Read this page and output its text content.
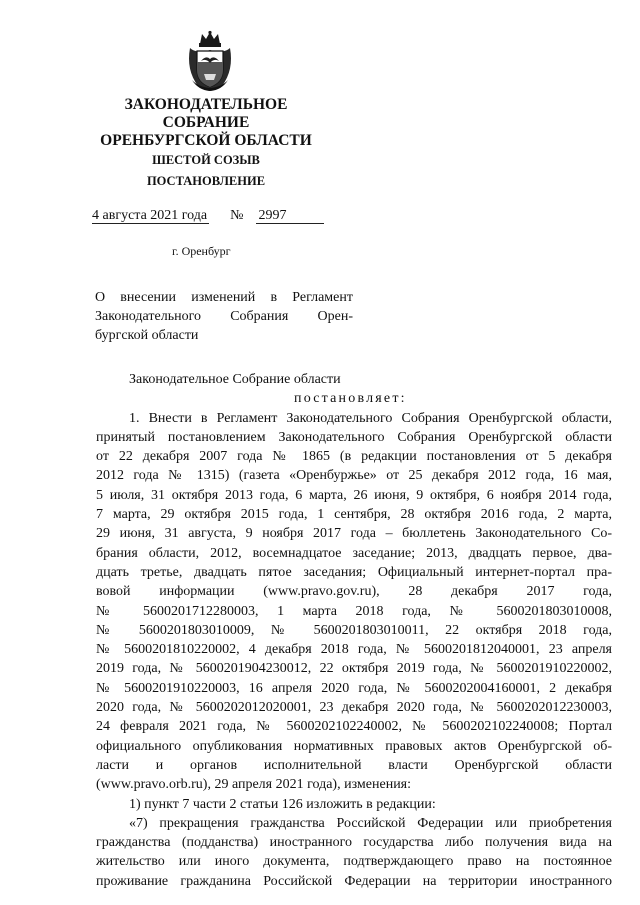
ЗАКОНОДАТЕЛЬНОЕ
СОБРАНИЕ
ОРЕНБУРГСКОЙ ОБЛАСТИ
ШЕСТОЙ СОЗЫВ
ПОСТАНОВЛЕНИЕ
4 августа 2021 года № 2997
г. Оренбург
О внесении изменений в Регламент
Законодательного Собрания Орен-
бургской области
Законодательное Собрание области
постановляет:
1. Внести в Регламент Законодательного Собрания Оренбургской области,
принятый постановлением Законодательного Собрания Оренбургской области
от 22 декабря 2007 года № 1865 (в редакции постановления от 5 декабря
2012 года № 1315) (газета «Оренбуржье» от 25 декабря 2012 года, 16 мая,
5 июля, 31 октября 2013 года, 6 марта, 26 июня, 9 октября, 6 ноября 2014 года,
7 марта, 29 октября 2015 года, 1 сентября, 28 октября 2016 года, 2 марта,
29 июня, 31 августа, 9 ноября 2017 года – бюллетень Законодательного Со-
брания области, 2012, восемнадцатое заседание; 2013, двадцать первое, два-
дцать третье, двадцать пятое заседания; Официальный интернет-портал пра-
вовой информации (www.pravo.gov.ru), 28 декабря 2017 года,
№ 5600201712280003, 1 марта 2018 года, № 5600201803010008,
№ 5600201803010009, № 5600201803010011, 22 октября 2018 года,
№ 5600201810220002, 4 декабря 2018 года, № 5600201812040001, 23 апреля
2019 года, № 5600201904230012, 22 октября 2019 года, № 5600201910220002,
№ 5600201910220003, 16 апреля 2020 года, № 5600202004160001, 2 декабря
2020 года, № 5600202012020001, 23 декабря 2020 года, № 5600202012230003,
24 февраля 2021 года, № 5600202102240002, № 5600202102240008; Портал
официального опубликования нормативных правовых актов Оренбургской об-
ласти и органов исполнительной власти Оренбургской области
(www.pravo.orb.ru), 29 апреля 2021 года), изменения:
1) пункт 7 части 2 статьи 126 изложить в редакции:
«7) прекращения гражданства Российской Федерации или приобретения
гражданства (подданства) иностранного государства либо получения вида на
жительство или иного документа, подтверждающего право на постоянное
проживание гражданина Российской Федерации на территории иностранного
